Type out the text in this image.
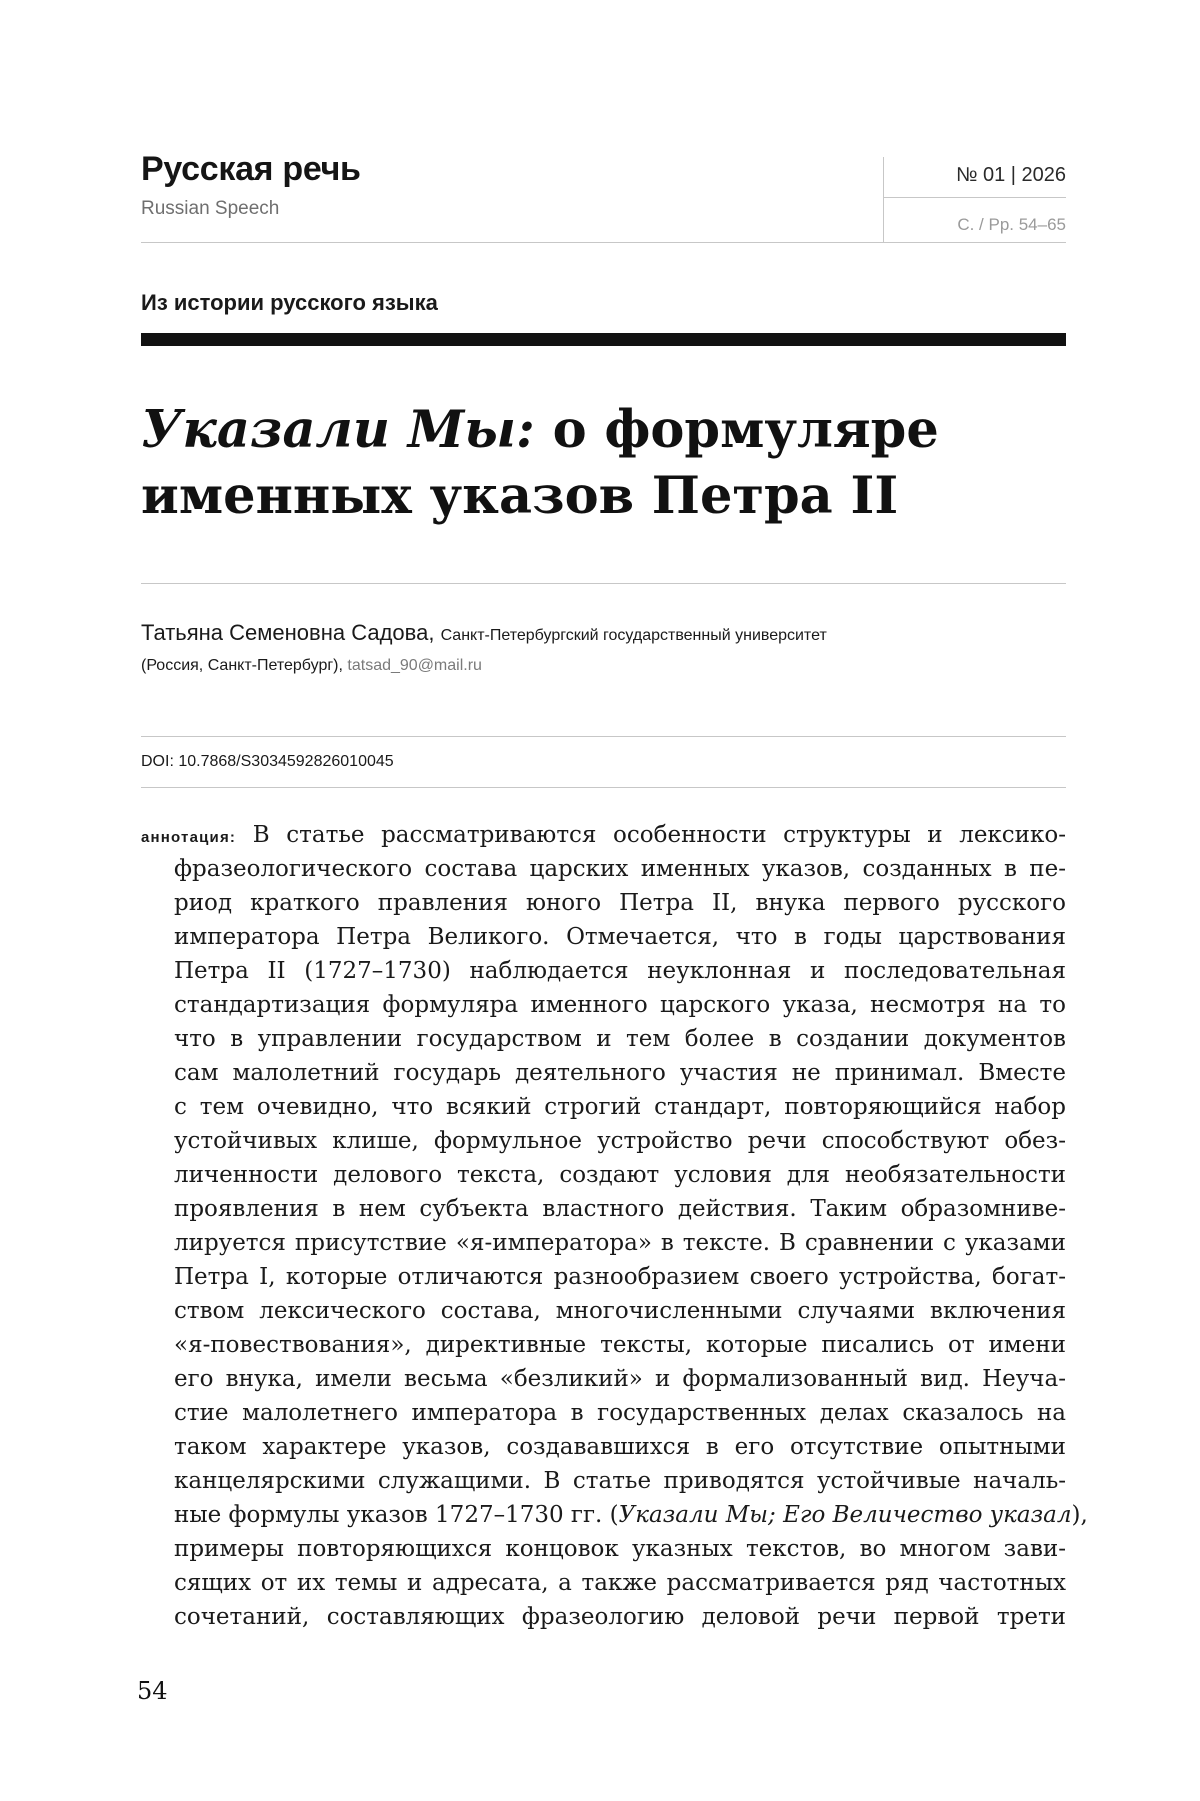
Русская речь
Russian Speech
№ 01 | 2026
С. / Pp. 54–65
Из истории русского языка
Указали Мы: о формуляре
именных указов Петра II
Татьяна Семеновна Садова, Санкт-Петербургский государственный университет
(Россия, Санкт-Петербург), tatsad_90@mail.ru
DOI: 10.7868/S3034592826010045
аннотация: В статье рассматриваются особенности структуры и лексико-
фразеологического состава царских именных указов, созданных в пе-
риод краткого правления юного Петра II, внука первого русского
императора Петра Великого. Отмечается, что в годы царствования
Петра II (1727–1730) наблюдается неуклонная и последовательная
стандартизация формуляра именного царского указа, несмотря на то
что в управлении государством и тем более в создании документов
сам малолетний государь деятельного участия не принимал. Вместе
с тем очевидно, что всякий строгий стандарт, повторяющийся набор
устойчивых клише, формульное устройство речи способствуют обез-
личенности делового текста, создают условия для необязательности
проявления в нем субъекта властного действия. Таким образомниве-
лируется присутствие «я-императора» в тексте. В сравнении с указами
Петра I, которые отличаются разнообразием своего устройства, богат-
ством лексического состава, многочисленными случаями включения
«я-повествования», директивные тексты, которые писались от имени
его внука, имели весьма «безликий» и формализованный вид. Неуча-
стие малолетнего императора в государственных делах сказалось на
таком характере указов, создававшихся в его отсутствие опытными
канцелярскими служащими. В статье приводятся устойчивые началь-
ные формулы указов 1727–1730 гг. (Указали Мы; Его Величество указал),
примеры повторяющихся концовок указных текстов, во многом зави-
сящих от их темы и адресата, а также рассматривается ряд частотных
сочетаний, составляющих фразеологию деловой речи первой трети
54
